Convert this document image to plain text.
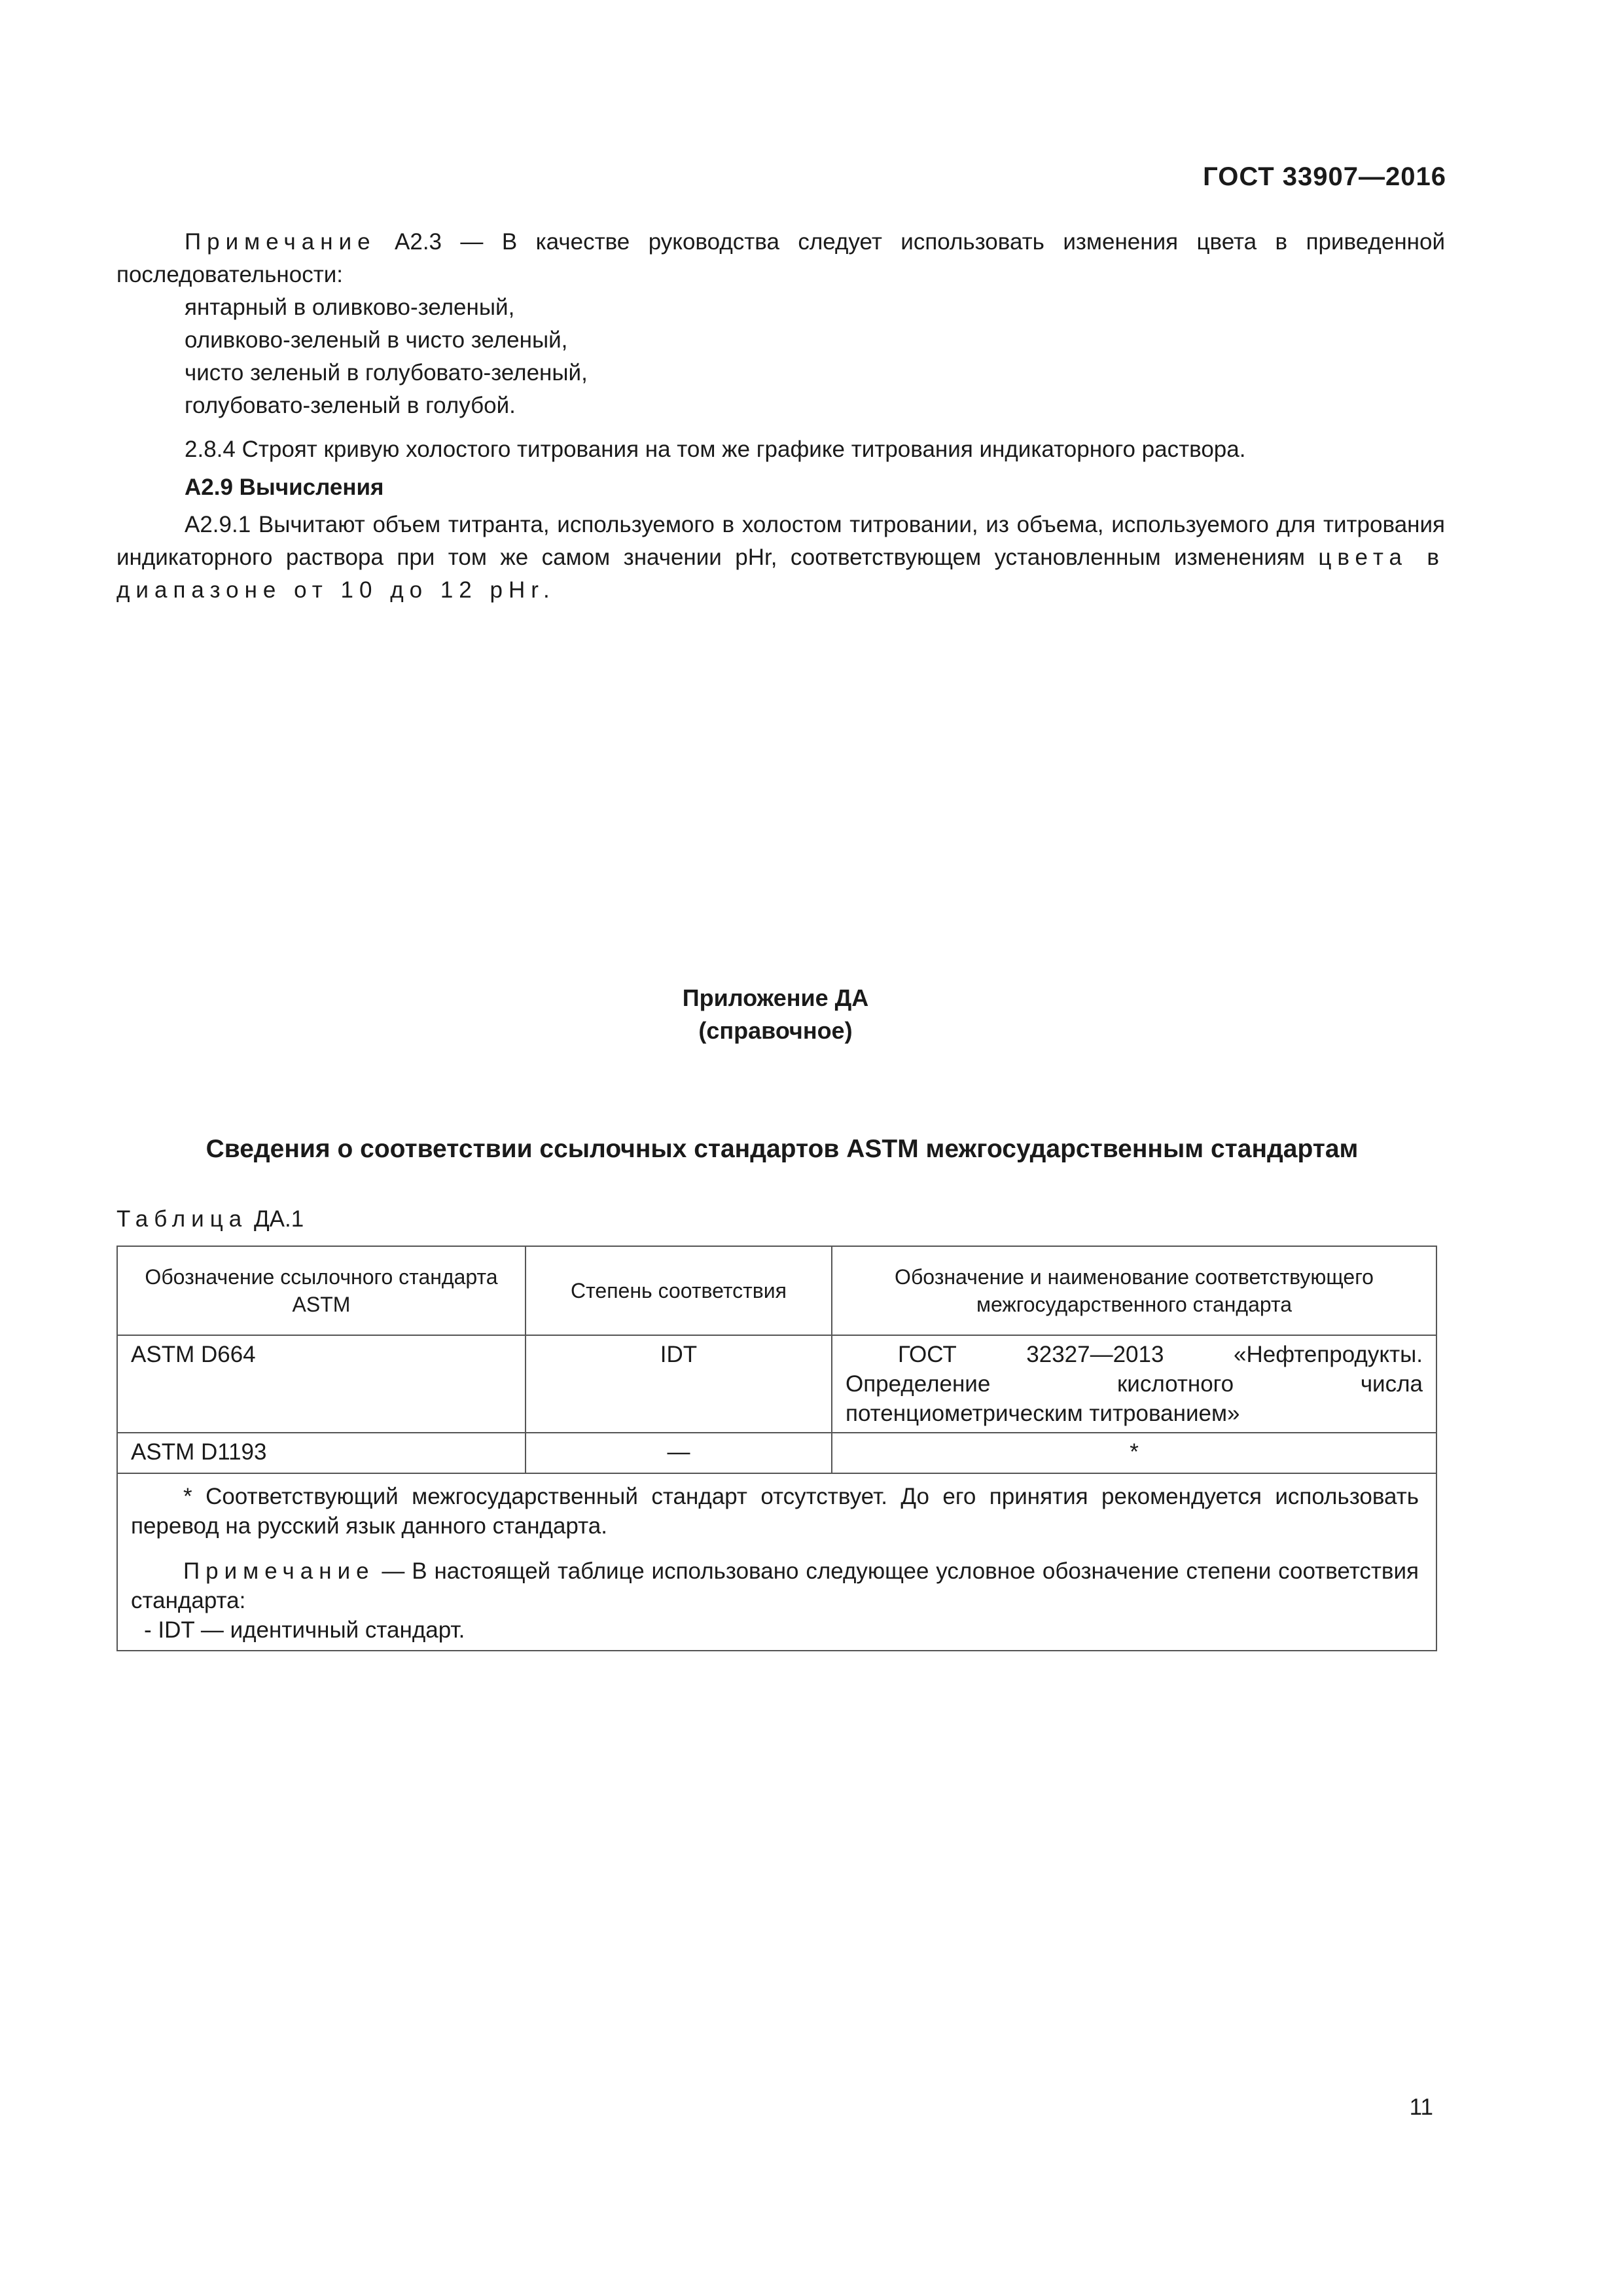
ГОСТ 33907—2016
Примечание А2.3 — В качестве руководства следует использовать изменения цвета в приведенной последовательности:
янтарный в оливково-зеленый,
оливково-зеленый в чисто зеленый,
чисто зеленый в голубовато-зеленый,
голубовато-зеленый в голубой.
2.8.4 Строят кривую холостого титрования на том же графике титрования индикаторного раствора.
А2.9 Вычисления
А2.9.1 Вычитают объем титранта, используемого в холостом титровании, из объема, используемого для титрования индикаторного раствора при том же самом значении pHr, соответствующем установленным изменениям цвета в диапазоне от 10 до 12 pHr.
Приложение ДА
(справочное)
Сведения о соответствии ссылочных стандартов ASTM межгосударственным стандартам
Таблица ДА.1
Обозначение ссылочного стандарта ASTM	Степень соответствия	Обозначение и наименование соответствующего межгосударственного стандарта
ASTM D664	IDT	ГОСТ 32327—2013 «Нефтепродукты. Определение кислотного числа потенциометрическим титрованием»
ASTM D1193	—	*

* Соответствующий межгосударственный стандарт отсутствует. До его принятия рекомендуется использовать перевод на русский язык данного стандарта.

Примечание — В настоящей таблице использовано следующее условное обозначение степени соответствия стандарта:

- IDT — идентичный стандарт.		

11
